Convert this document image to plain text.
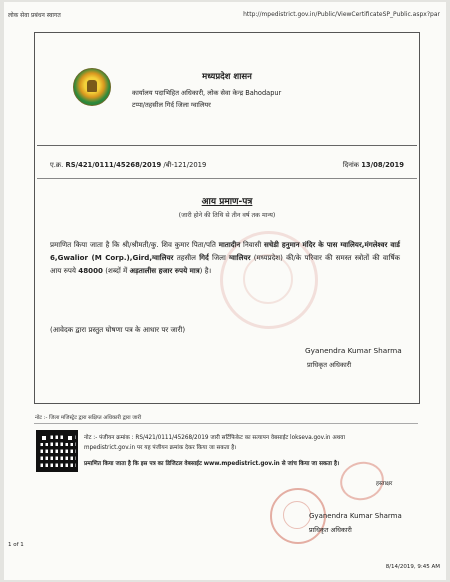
लोक सेवा प्रबंधन स्‍वागत	http://mpedistrict.gov.in/Public/ViewCertificateSP_Public.aspx?par
मध्यप्रदेश शासन
कार्यालय पदाभिहित अधिकारी, लोक सेवा केन्द्र Bahodapur
टप्पा/तहसील गिर्द जिला ग्वालियर
ए.क्र. RS/421/0111/45268/2019 /बी-121/2019	दिनांक 13/08/2019
आय प्रमाण-पत्र
(जारी होने की तिथि से तीन वर्ष तक मान्य)
प्रमाणित किया जाता है कि श्री/श्रीमती/कु. शिव कुमार पिता/पति मातादीन निवासी सचेडी हनुमान मंदिर के पास ग्वालियर,मंगलेश्वर वार्ड 6,Gwalior (M Corp.),Gird,ग्वालियर तहसील गिर्द जिला ग्वालियर (मध्यप्रदेश) की/के परिवार की समस्त स्त्रोतों की वार्षिक आय रुपये 48000 (शब्दों में अड़तालीस हजार रुपये मात्र) है।
(आवेदक द्वारा प्रस्तुत घोषणा पत्र के आधार पर जारी)
Gyanendra Kumar Sharma
प्राधिकृत अधिकारी
नोट :- जिला मजिस्ट्रेट द्वारा सक्षिप्त अधिकारी द्वारा जारी
नोट :- पंजीयन क्रमांक : RS/421/0111/45268/2019 जारी सर्टिफिकेट का सत्यापन वेबसाईट lokseva.gov.in अथवा
mpedistrict.gov.in पर यह पंजीयन क्रमांक देकर किया जा सकता है।
प्रमाणित किया जाता है कि इस पत्र का डिजिटल वेबसाईट www.mpedistrict.gov.in से जांच किया जा सकता है।
हस्ताक्षर
Gyanendra Kumar Sharma
प्राधिकृत अधिकारी
1 of 1
8/14/2019, 9:45 AM
